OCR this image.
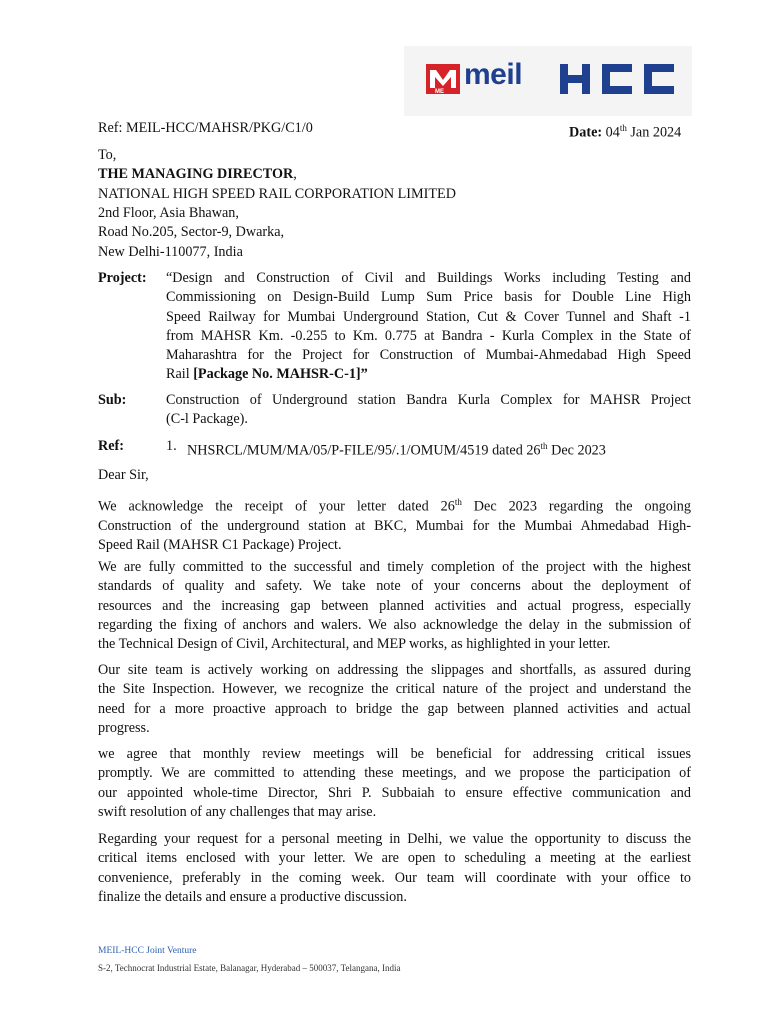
ME
meil
Ref: MEIL-HCC/MAHSR/PKG/C1/0	Date: 04th Jan 2024
To,
THE MANAGING DIRECTOR,
NATIONAL HIGH SPEED RAIL CORPORATION LIMITED
2nd Floor, Asia Bhawan,
Road No.205, Sector-9, Dwarka,
New Delhi-110077, India
Project: “Design and Construction of Civil and Buildings Works including Testing and
Commissioning on Design-Build Lump Sum Price basis for Double Line High
Speed Railway for Mumbai Underground Station, Cut & Cover Tunnel and Shaft -1
from MAHSR Km. -0.255 to Km. 0.775 at Bandra - Kurla Complex in the State of
Maharashtra for the Project for Construction of Mumbai-Ahmedabad High Speed
Rail [Package No. MAHSR-C-1]”
Sub:	Construction of Underground station Bandra Kurla Complex for MAHSR Project
(C-l Package).
Ref:	1. NHSRCL/MUM/MA/05/P-FILE/95/.1/OMUM/4519 dated 26th Dec 2023
Dear Sir,
We acknowledge the receipt of your letter dated 26th Dec 2023 regarding the ongoing
Construction of the underground station at BKC, Mumbai for the Mumbai Ahmedabad High-
Speed Rail (MAHSR C1 Package) Project.
We are fully committed to the successful and timely completion of the project with the highest
standards of quality and safety. We take note of your concerns about the deployment of
resources and the increasing gap between planned activities and actual progress, especially
regarding the fixing of anchors and walers. We also acknowledge the delay in the submission of
the Technical Design of Civil, Architectural, and MEP works, as highlighted in your letter.
Our site team is actively working on addressing the slippages and shortfalls, as assured during
the Site Inspection. However, we recognize the critical nature of the project and understand the
need for a more proactive approach to bridge the gap between planned activities and actual
progress.
we agree that monthly review meetings will be beneficial for addressing critical issues
promptly. We are committed to attending these meetings, and we propose the participation of
our appointed whole-time Director, Shri P. Subbaiah to ensure effective communication and
swift resolution of any challenges that may arise.
Regarding your request for a personal meeting in Delhi, we value the opportunity to discuss the
critical items enclosed with your letter. We are open to scheduling a meeting at the earliest
convenience, preferably in the coming week. Our team will coordinate with your office to
finalize the details and ensure a productive discussion.
MEIL-HCC Joint Venture
S-2, Technocrat Industrial Estate, Balanagar, Hyderabad – 500037, Telangana, India
